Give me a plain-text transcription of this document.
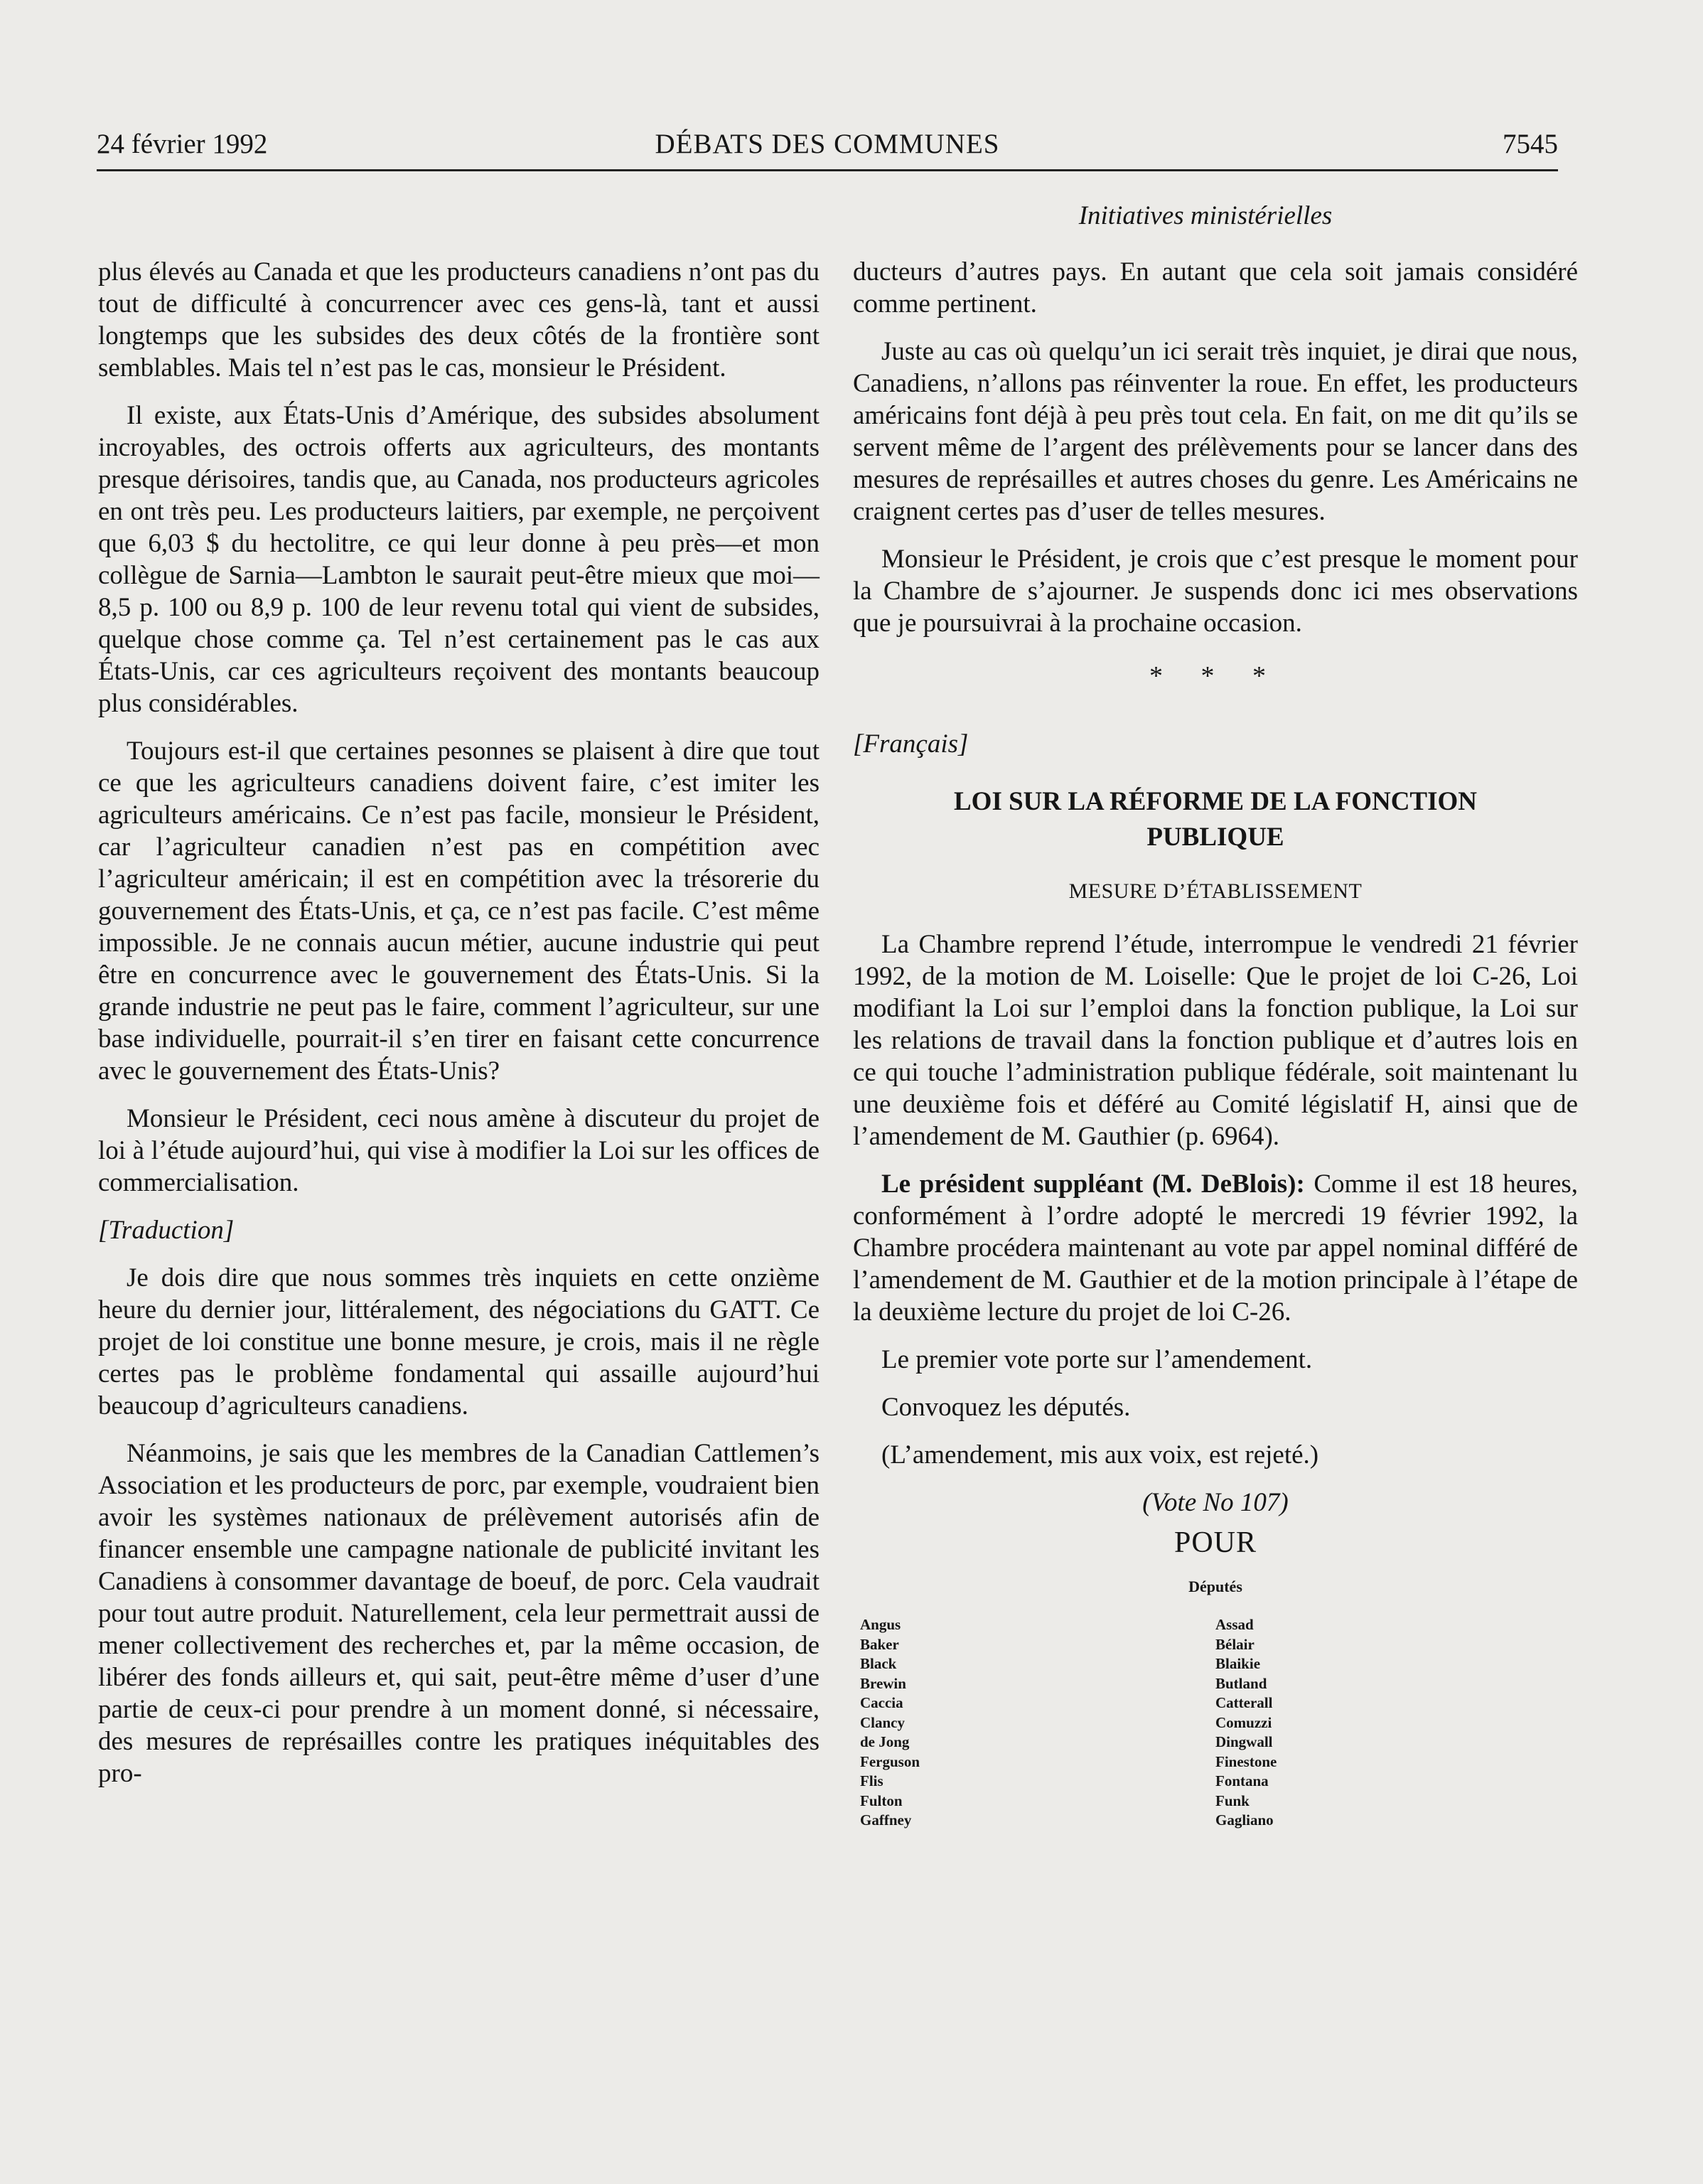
24 février 1992	DÉBATS DES COMMUNES	7545
Initiatives ministérielles

plus élevés au Canada et que les producteurs canadiens n’ont pas du tout de difficulté à concurrencer avec ces gens-là, tant et aussi longtemps que les subsides des deux côtés de la frontière sont semblables. Mais tel n’est pas le cas, monsieur le Président.

Il existe, aux États-Unis d’Amérique, des subsides absolument incroyables, des octrois offerts aux agriculteurs, des montants presque dérisoires, tandis que, au Canada, nos producteurs agricoles en ont très peu. Les producteurs laitiers, par exemple, ne perçoivent que 6,03 $ du hectolitre, ce qui leur donne à peu près—et mon collègue de Sarnia—Lambton le saurait peut-être mieux que moi—8,5 p. 100 ou 8,9 p. 100 de leur revenu total qui vient de subsides, quelque chose comme ça. Tel n’est certainement pas le cas aux États-Unis, car ces agriculteurs reçoivent des montants beaucoup plus considérables.

Toujours est-il que certaines pesonnes se plaisent à dire que tout ce que les agriculteurs canadiens doivent faire, c’est imiter les agriculteurs américains. Ce n’est pas facile, monsieur le Président, car l’agriculteur canadien n’est pas en compétition avec l’agriculteur américain; il est en compétition avec la trésorerie du gouvernement des États-Unis, et ça, ce n’est pas facile. C’est même impossible. Je ne connais aucun métier, aucune industrie qui peut être en concurrence avec le gouvernement des États-Unis. Si la grande industrie ne peut pas le faire, comment l’agriculteur, sur une base individuelle, pourrait-il s’en tirer en faisant cette concurrence avec le gouvernement des États-Unis?

Monsieur le Président, ceci nous amène à discuteur du projet de loi à l’étude aujourd’hui, qui vise à modifier la Loi sur les offices de commercialisation.

[Traduction]

Je dois dire que nous sommes très inquiets en cette onzième heure du dernier jour, littéralement, des négociations du GATT. Ce projet de loi constitue une bonne mesure, je crois, mais il ne règle certes pas le problème fondamental qui assaille aujourd’hui beaucoup d’agriculteurs canadiens.

Néanmoins, je sais que les membres de la Canadian Cattlemen’s Association et les producteurs de porc, par exemple, voudraient bien avoir les systèmes nationaux de prélèvement autorisés afin de financer ensemble une campagne nationale de publicité invitant les Canadiens à consommer davantage de boeuf, de porc. Cela vaudrait pour tout autre produit. Naturellement, cela leur permettrait aussi de mener collectivement des recherches et, par la même occasion, de libérer des fonds ailleurs et, qui sait, peut-être même d’user d’une partie de ceux-ci pour prendre à un moment donné, si nécessaire, des mesures de représailles contre les pratiques inéquitables des pro-

ducteurs d’autres pays. En autant que cela soit jamais considéré comme pertinent.

Juste au cas où quelqu’un ici serait très inquiet, je dirai que nous, Canadiens, n’allons pas réinventer la roue. En effet, les producteurs américains font déjà à peu près tout cela. En fait, on me dit qu’ils se servent même de l’argent des prélèvements pour se lancer dans des mesures de représailles et autres choses du genre. Les Américains ne craignent certes pas d’user de telles mesures.

Monsieur le Président, je crois que c’est presque le moment pour la Chambre de s’ajourner. Je suspends donc ici mes observations que je poursuivrai à la prochaine occasion.

* * *

[Français]

LOI SUR LA RÉFORME DE LA FONCTION
PUBLIQUE
MESURE D’ÉTABLISSEMENT

La Chambre reprend l’étude, interrompue le vendredi 21 février 1992, de la motion de M. Loiselle: Que le projet de loi C-26, Loi modifiant la Loi sur l’emploi dans la fonction publique, la Loi sur les relations de travail dans la fonction publique et d’autres lois en ce qui touche l’administration publique fédérale, soit maintenant lu une deuxième fois et déféré au Comité législatif H, ainsi que de l’amendement de M. Gauthier (p. 6964).

Le président suppléant (M. DeBlois): Comme il est 18 heures, conformément à l’ordre adopté le mercredi 19 février 1992, la Chambre procédera maintenant au vote par appel nominal différé de l’amendement de M. Gauthier et de la motion principale à l’étape de la deuxième lecture du projet de loi C-26.

Le premier vote porte sur l’amendement.

Convoquez les députés.

(L’amendement, mis aux voix, est rejeté.)

(Vote No 107)
POUR
Députés
Angus
Baker
Black
Brewin
Caccia
Clancy
de Jong
Ferguson
Flis
Fulton
Gaffney
Assad
Bélair
Blaikie
Butland
Catterall
Comuzzi
Dingwall
Finestone
Fontana
Funk
Gagliano
